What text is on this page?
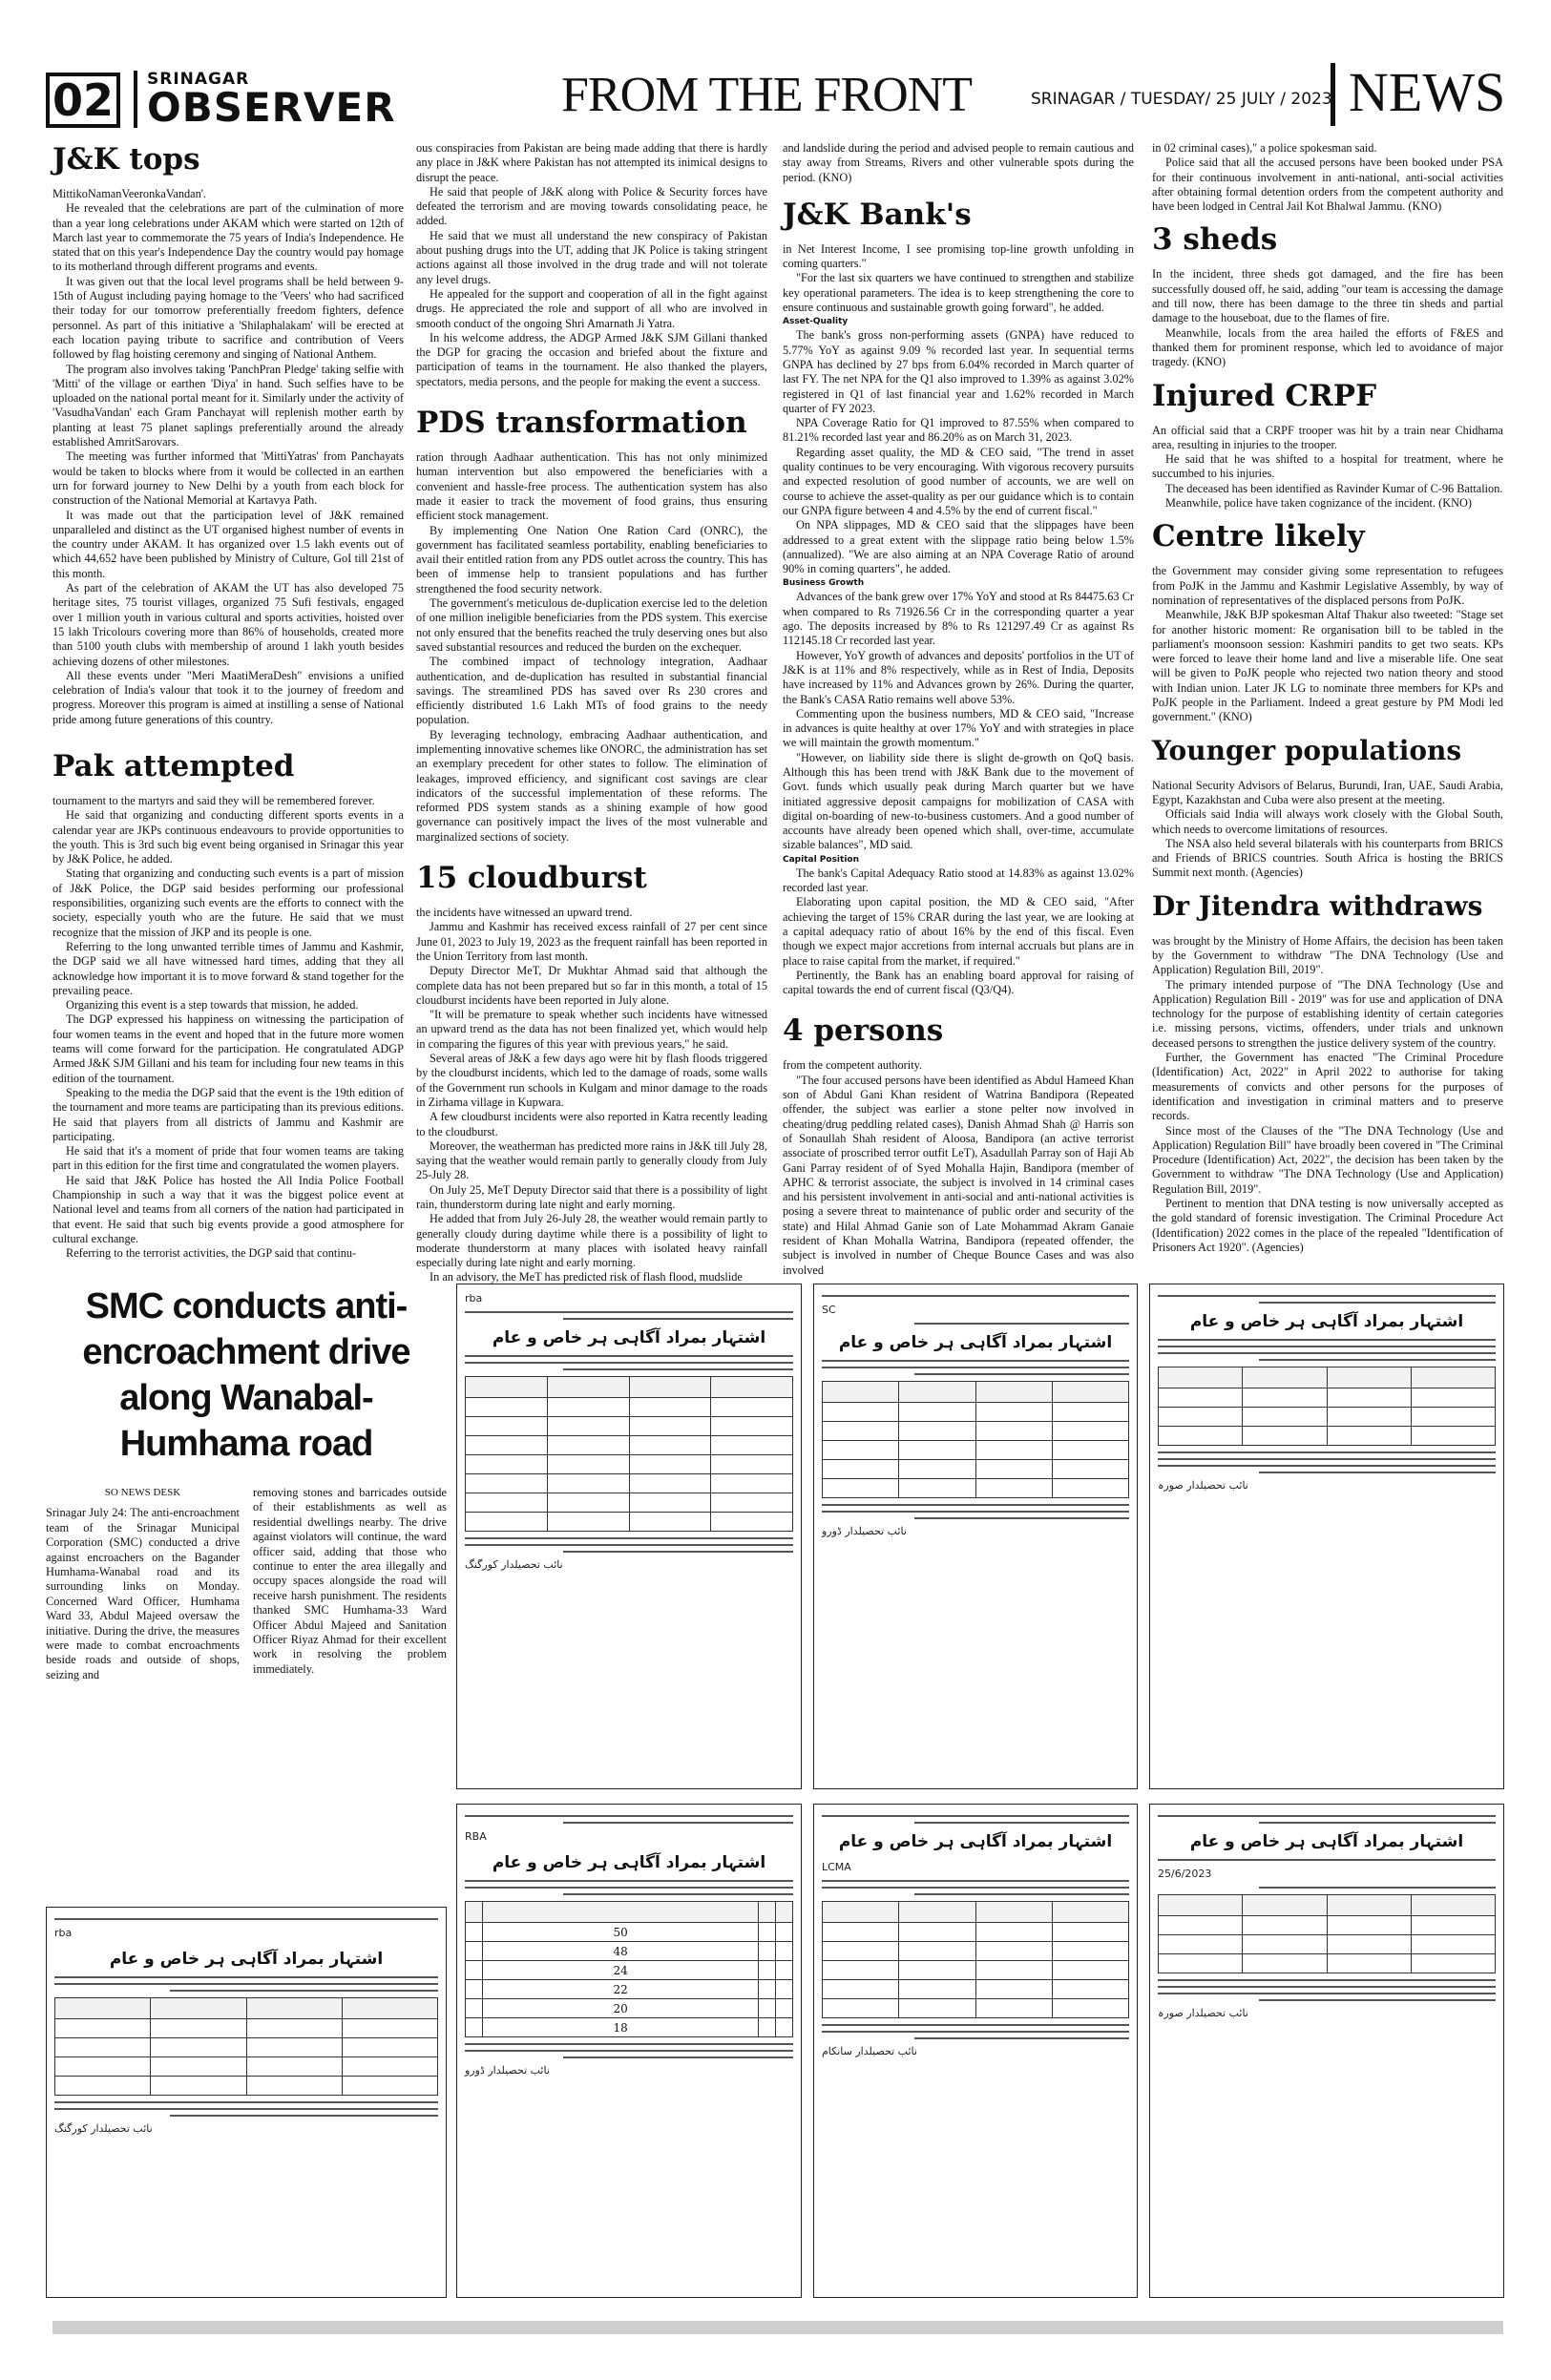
02	SRINAGAR
OBSERVER	FROM THE FRONT	SRINAGAR / TUESDAY/ 25 JULY / 2023 NEWS
J&K tops

MittikoNamanVeeronkaVandan'.

He revealed that the celebrations are part of the culmination of more than a year long celebrations under AKAM which were started on 12th of March last year to commemorate the 75 years of India's Independence. He stated that on this year's Independence Day the country would pay homage to its motherland through different programs and events.

It was given out that the local level programs shall be held between 9-15th of August including paying homage to the 'Veers' who had sacrificed their today for our tomorrow preferentially freedom fighters, defence personnel. As part of this initiative a 'Shilaphalakam' will be erected at each location paying tribute to sacrifice and contribution of Veers followed by flag hoisting ceremony and singing of National Anthem.

The program also involves taking 'PanchPran Pledge' taking selfie with 'Mitti' of the village or earthen 'Diya' in hand. Such selfies have to be uploaded on the national portal meant for it. Similarly under the activity of 'VasudhaVandan' each Gram Panchayat will replenish mother earth by planting at least 75 planet saplings preferentially around the already established AmritSarovars.

The meeting was further informed that 'MittiYatras' from Panchayats would be taken to blocks where from it would be collected in an earthen urn for forward journey to New Delhi by a youth from each block for construction of the National Memorial at Kartavya Path.

It was made out that the participation level of J&K remained unparalleled and distinct as the UT organised highest number of events in the country under AKAM. It has organized over 1.5 lakh events out of which 44,652 have been published by Ministry of Culture, GoI till 21st of this month.

As part of the celebration of AKAM the UT has also developed 75 heritage sites, 75 tourist villages, organized 75 Sufi festivals, engaged over 1 million youth in various cultural and sports activities, hoisted over 15 lakh Tricolours covering more than 86% of households, created more than 5100 youth clubs with membership of around 1 lakh youth besides achieving dozens of other milestones.

All these events under "Meri MaatiMeraDesh" envisions a unified celebration of India's valour that took it to the journey of freedom and progress. Moreover this program is aimed at instilling a sense of National pride among future generations of this country.

Pak attempted

tournament to the martyrs and said they will be remembered forever.

He said that organizing and conducting different sports events in a calendar year are JKPs continuous endeavours to provide opportunities to the youth. This is 3rd such big event being organised in Srinagar this year by J&K Police, he added.

Stating that organizing and conducting such events is a part of mission of J&K Police, the DGP said besides performing our professional responsibilities, organizing such events are the efforts to connect with the society, especially youth who are the future. He said that we must recognize that the mission of JKP and its people is one.

Referring to the long unwanted terrible times of Jammu and Kashmir, the DGP said we all have witnessed hard times, adding that they all acknowledge how important it is to move forward & stand together for the prevailing peace.

Organizing this event is a step towards that mission, he added.

The DGP expressed his happiness on witnessing the participation of four women teams in the event and hoped that in the future more women teams will come forward for the participation. He congratulated ADGP Armed J&K SJM Gillani and his team for including four new teams in this edition of the tournament.

Speaking to the media the DGP said that the event is the 19th edition of the tournament and more teams are participating than its previous editions. He said that players from all districts of Jammu and Kashmir are participating.

He said that it's a moment of pride that four women teams are taking part in this edition for the first time and congratulated the women players.

He said that J&K Police has hosted the All India Police Football Championship in such a way that it was the biggest police event at National level and teams from all corners of the nation had participated in that event. He said that such big events provide a good atmosphere for cultural exchange.

Referring to the terrorist activities, the DGP said that continu-

ous conspiracies from Pakistan are being made adding that there is hardly any place in J&K where Pakistan has not attempted its inimical designs to disrupt the peace.

He said that people of J&K along with Police & Security forces have defeated the terrorism and are moving towards consolidating peace, he added.

He said that we must all understand the new conspiracy of Pakistan about pushing drugs into the UT, adding that JK Police is taking stringent actions against all those involved in the drug trade and will not tolerate any level drugs.

He appealed for the support and cooperation of all in the fight against drugs. He appreciated the role and support of all who are involved in smooth conduct of the ongoing Shri Amarnath Ji Yatra.

In his welcome address, the ADGP Armed J&K SJM Gillani thanked the DGP for gracing the occasion and briefed about the fixture and participation of teams in the tournament. He also thanked the players, spectators, media persons, and the people for making the event a success.

PDS transformation

ration through Aadhaar authentication. This has not only minimized human intervention but also empowered the beneficiaries with a convenient and hassle-free process. The authentication system has also made it easier to track the movement of food grains, thus ensuring efficient stock management.

By implementing One Nation One Ration Card (ONRC), the government has facilitated seamless portability, enabling beneficiaries to avail their entitled ration from any PDS outlet across the country. This has been of immense help to transient populations and has further strengthened the food security network.

The government's meticulous de-duplication exercise led to the deletion of one million ineligible beneficiaries from the PDS system. This exercise not only ensured that the benefits reached the truly deserving ones but also saved substantial resources and reduced the burden on the exchequer.

The combined impact of technology integration, Aadhaar authentication, and de-duplication has resulted in substantial financial savings. The streamlined PDS has saved over Rs 230 crores and efficiently distributed 1.6 Lakh MTs of food grains to the needy population.

By leveraging technology, embracing Aadhaar authentication, and implementing innovative schemes like ONORC, the administration has set an exemplary precedent for other states to follow. The elimination of leakages, improved efficiency, and significant cost savings are clear indicators of the successful implementation of these reforms. The reformed PDS system stands as a shining example of how good governance can positively impact the lives of the most vulnerable and marginalized sections of society.

15 cloudburst

the incidents have witnessed an upward trend.

Jammu and Kashmir has received excess rainfall of 27 per cent since June 01, 2023 to July 19, 2023 as the frequent rainfall has been reported in the Union Territory from last month.

Deputy Director MeT, Dr Mukhtar Ahmad said that although the complete data has not been prepared but so far in this month, a total of 15 cloudburst incidents have been reported in July alone.

"It will be premature to speak whether such incidents have witnessed an upward trend as the data has not been finalized yet, which would help in comparing the figures of this year with previous years," he said.

Several areas of J&K a few days ago were hit by flash floods triggered by the cloudburst incidents, which led to the damage of roads, some walls of the Government run schools in Kulgam and minor damage to the roads in Zirhama village in Kupwara.

A few cloudburst incidents were also reported in Katra recently leading to the cloudburst.

Moreover, the weatherman has predicted more rains in J&K till July 28, saying that the weather would remain partly to generally cloudy from July 25-July 28.

On July 25, MeT Deputy Director said that there is a possibility of light rain, thunderstorm during late night and early morning.

He added that from July 26-July 28, the weather would remain partly to generally cloudy during daytime while there is a possibility of light to moderate thunderstorm at many places with isolated heavy rainfall especially during late night and early morning.

In an advisory, the MeT has predicted risk of flash flood, mudslide

and landslide during the period and advised people to remain cautious and stay away from Streams, Rivers and other vulnerable spots during the period. (KNO)

J&K Bank's

in Net Interest Income, I see promising top-line growth unfolding in coming quarters."

"For the last six quarters we have continued to strengthen and stabilize key operational parameters. The idea is to keep strengthening the core to ensure continuous and sustainable growth going forward", he added.

Asset-Quality

The bank's gross non-performing assets (GNPA) have reduced to 5.77% YoY as against 9.09 % recorded last year. In sequential terms GNPA has declined by 27 bps from 6.04% recorded in March quarter of last FY. The net NPA for the Q1 also improved to 1.39% as against 3.02% registered in Q1 of last financial year and 1.62% recorded in March quarter of FY 2023.

NPA Coverage Ratio for Q1 improved to 87.55% when compared to 81.21% recorded last year and 86.20% as on March 31, 2023.

Regarding asset quality, the MD & CEO said, "The trend in asset quality continues to be very encouraging. With vigorous recovery pursuits and expected resolution of good number of accounts, we are well on course to achieve the asset-quality as per our guidance which is to contain our GNPA figure between 4 and 4.5% by the end of current fiscal."

On NPA slippages, MD & CEO said that the slippages have been addressed to a great extent with the slippage ratio being below 1.5% (annualized). "We are also aiming at an NPA Coverage Ratio of around 90% in coming quarters", he added.

Business Growth

Advances of the bank grew over 17% YoY and stood at Rs 84475.63 Cr when compared to Rs 71926.56 Cr in the corresponding quarter a year ago. The deposits increased by 8% to Rs 121297.49 Cr as against Rs 112145.18 Cr recorded last year.

However, YoY growth of advances and deposits' portfolios in the UT of J&K is at 11% and 8% respectively, while as in Rest of India, Deposits have increased by 11% and Advances grown by 26%. During the quarter, the Bank's CASA Ratio remains well above 53%.

Commenting upon the business numbers, MD & CEO said, "Increase in advances is quite healthy at over 17% YoY and with strategies in place we will maintain the growth momentum."

"However, on liability side there is slight de-growth on QoQ basis. Although this has been trend with J&K Bank due to the movement of Govt. funds which usually peak during March quarter but we have initiated aggressive deposit campaigns for mobilization of CASA with digital on-boarding of new-to-business customers. And a good number of accounts have already been opened which shall, over-time, accumulate sizable balances", MD said.

Capital Position

The bank's Capital Adequacy Ratio stood at 14.83% as against 13.02% recorded last year.

Elaborating upon capital position, the MD & CEO said, "After achieving the target of 15% CRAR during the last year, we are looking at a capital adequacy ratio of about 16% by the end of this fiscal. Even though we expect major accretions from internal accruals but plans are in place to raise capital from the market, if required."

Pertinently, the Bank has an enabling board approval for raising of capital towards the end of current fiscal (Q3/Q4).

4 persons

from the competent authority.

"The four accused persons have been identified as Abdul Hameed Khan son of Abdul Gani Khan resident of Watrina Bandipora (Repeated offender, the subject was earlier a stone pelter now involved in cheating/drug peddling related cases), Danish Ahmad Shah @ Harris son of Sonaullah Shah resident of Aloosa, Bandipora (an active terrorist associate of proscribed terror outfit LeT), Asadullah Parray son of Haji Ab Gani Parray resident of of Syed Mohalla Hajin, Bandipora (member of APHC & terrorist associate, the subject is involved in 14 criminal cases and his persistent involvement in anti-social and anti-national activities is posing a severe threat to maintenance of public order and security of the state) and Hilal Ahmad Ganie son of Late Mohammad Akram Ganaie resident of Khan Mohalla Watrina, Bandipora (repeated offender, the subject is involved in number of Cheque Bounce Cases and was also involved

in 02 criminal cases)," a police spokesman said.

Police said that all the accused persons have been booked under PSA for their continuous involvement in anti-national, anti-social activities after obtaining formal detention orders from the competent authority and have been lodged in Central Jail Kot Bhalwal Jammu. (KNO)

3 sheds

In the incident, three sheds got damaged, and the fire has been successfully doused off, he said, adding "our team is accessing the damage and till now, there has been damage to the three tin sheds and partial damage to the houseboat, due to the flames of fire.

Meanwhile, locals from the area hailed the efforts of F&ES and thanked them for prominent response, which led to avoidance of major tragedy. (KNO)

Injured CRPF

An official said that a CRPF trooper was hit by a train near Chidhama area, resulting in injuries to the trooper.

He said that he was shifted to a hospital for treatment, where he succumbed to his injuries.

The deceased has been identified as Ravinder Kumar of C-96 Battalion.

Meanwhile, police have taken cognizance of the incident. (KNO)

Centre likely

the Government may consider giving some representation to refugees from PoJK in the Jammu and Kashmir Legislative Assembly, by way of nomination of representatives of the displaced persons from PoJK.

Meanwhile, J&K BJP spokesman Altaf Thakur also tweeted: "Stage set for another historic moment: Re organisation bill to be tabled in the parliament's moonsoon session: Kashmiri pandits to get two seats. KPs were forced to leave their home land and live a miserable life. One seat will be given to PoJK people who rejected two nation theory and stood with Indian union. Later JK LG to nominate three members for KPs and PoJK people in the Parliament. Indeed a great gesture by PM Modi led government." (KNO)

Younger populations

National Security Advisors of Belarus, Burundi, Iran, UAE, Saudi Arabia, Egypt, Kazakhstan and Cuba were also present at the meeting.

Officials said India will always work closely with the Global South, which needs to overcome limitations of resources.

The NSA also held several bilaterals with his counterparts from BRICS and Friends of BRICS countries. South Africa is hosting the BRICS Summit next month. (Agencies)

Dr Jitendra withdraws

was brought by the Ministry of Home Affairs, the decision has been taken by the Government to withdraw "The DNA Technology (Use and Application) Regulation Bill, 2019".

The primary intended purpose of "The DNA Technology (Use and Application) Regulation Bill - 2019" was for use and application of DNA technology for the purpose of establishing identity of certain categories i.e. missing persons, victims, offenders, under trials and unknown deceased persons to strengthen the justice delivery system of the country.

Further, the Government has enacted "The Criminal Procedure (Identification) Act, 2022" in April 2022 to authorise for taking measurements of convicts and other persons for the purposes of identification and investigation in criminal matters and to preserve records.

Since most of the Clauses of the "The DNA Technology (Use and Application) Regulation Bill" have broadly been covered in "The Criminal Procedure (Identification) Act, 2022", the decision has been taken by the Government to withdraw "The DNA Technology (Use and Application) Regulation Bill, 2019".

Pertinent to mention that DNA testing is now universally accepted as the gold standard of forensic investigation. The Criminal Procedure Act (Identification) 2022 comes in the place of the repealed "Identification of Prisoners Act 1920". (Agencies)

SMC conducts anti-encroachment drive along Wanabal-Humhama road
SO NEWS DESK

Srinagar July 24: The anti-encroachment team of the Srinagar Municipal Corporation (SMC) conducted a drive against encroachers on the Bagander Humhama-Wanabal road and its surrounding links on Monday. Concerned Ward Officer, Humhama Ward 33, Abdul Majeed oversaw the initiative. During the drive, the measures were made to combat encroachments beside roads and outside of shops, seizing and

removing stones and barricades outside of their establishments as well as residential dwellings nearby. The drive against violators will continue, the ward officer said, adding that those who continue to enter the area illegally and occupy spaces alongside the road will receive harsh punishment. The residents thanked SMC Humhama-33 Ward Officer Abdul Majeed and Sanitation Officer Riyaz Ahmad for their excellent work in resolving the problem immediately.

rba
اشتہار بمراد آگاہی ہر خاص و عام

نائب تحصیلدار کورگنگ
SC
اشتہار بمراد آگاہی ہر خاص و عام

نائب تحصیلدار ڈورو
اشتہار بمراد آگاہی ہر خاص و عام

نائب تحصیلدار صورہ
rba
اشتہار بمراد آگاہی ہر خاص و عام

نائب تحصیلدار کورگنگ
RBA
اشتہار بمراد آگاہی ہر خاص و عام

	50		
	48		
	24		
	22		
	20		
	18		
نائب تحصیلدار ڈورو
اشتہار بمراد آگاہی ہر خاص و عام
LCMA

نائب تحصیلدار سانکام
اشتہار بمراد آگاہی ہر خاص و عام
25/6/2023

نائب تحصیلدار صورہ
